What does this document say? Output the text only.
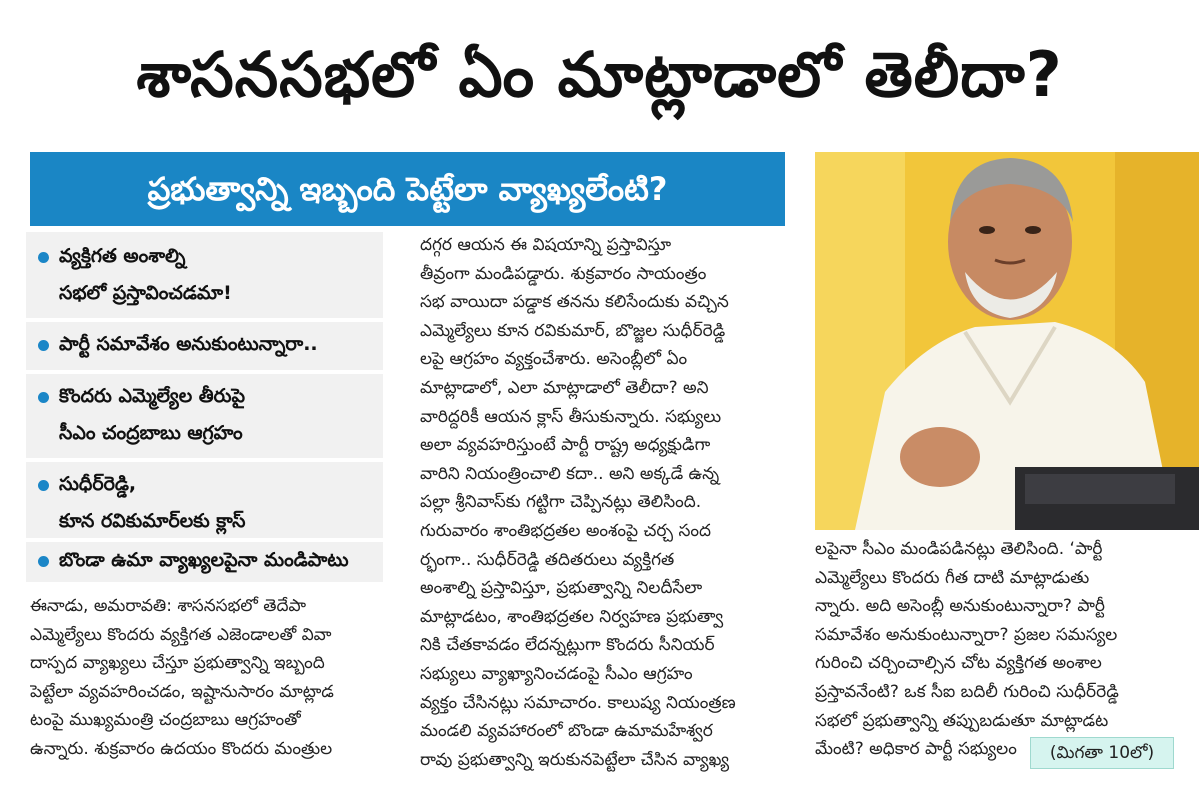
శాసనసభలో ఏం మాట్లాడాలో తెలీదా?
ప్రభుత్వాన్ని ఇబ్బంది పెట్టేలా వ్యాఖ్యలేంటి?
వ్యక్తిగత అంశాల్ని
సభలో ప్రస్తావించడమా!
పార్టీ సమావేశం అనుకుంటున్నారా..
కొందరు ఎమ్మెల్యేల తీరుపై
సీఎం చంద్రబాబు ఆగ్రహం
సుధీర్‌రెడ్డి,
కూన రవికుమార్‌లకు క్లాస్
బొండా ఉమా వ్యాఖ్యలపైనా మండిపాటు
ఈనాడు, అమరావతి: శాసనసభలో తెదేపా
ఎమ్మెల్యేలు కొందరు వ్యక్తిగత ఎజెండాలతో వివా
దాస్పద వ్యాఖ్యలు చేస్తూ ప్రభుత్వాన్ని ఇబ్బంది
పెట్టేలా వ్యవహరించడం, ఇష్టానుసారం మాట్లాడ
టంపై ముఖ్యమంత్రి చంద్రబాబు ఆగ్రహంతో
ఉన్నారు. శుక్రవారం ఉదయం కొందరు మంత్రుల
దగ్గర ఆయన ఈ విషయాన్ని ప్రస్తావిస్తూ
తీవ్రంగా మండిపడ్డారు. శుక్రవారం సాయంత్రం
సభ వాయిదా పడ్డాక తనను కలిసేందుకు వచ్చిన
ఎమ్మెల్యేలు కూన రవికుమార్, బొజ్జల సుధీర్‌రెడ్డి
లపై ఆగ్రహం వ్యక్తంచేశారు. అసెంబ్లీలో ఏం
మాట్లాడాలో, ఎలా మాట్లాడాలో తెలీదా? అని
వారిద్దరికీ ఆయన క్లాస్ తీసుకున్నారు. సభ్యులు
అలా వ్యవహరిస్తుంటే పార్టీ రాష్ట్ర అధ్యక్షుడిగా
వారిని నియంత్రించాలి కదా.. అని అక్కడే ఉన్న
పల్లా శ్రీనివాస్‌కు గట్టిగా చెప్పినట్లు తెలిసింది.
గురువారం శాంతిభద్రతల అంశంపై చర్చ సంద
ర్భంగా.. సుధీర్‌రెడ్డి తదితరులు వ్యక్తిగత
అంశాల్ని ప్రస్తావిస్తూ, ప్రభుత్వాన్ని నిలదీసేలా
మాట్లాడటం, శాంతిభద్రతల నిర్వహణ ప్రభుత్వా
నికి చేతకావడం లేదన్నట్లుగా కొందరు సీనియర్
సభ్యులు వ్యాఖ్యానించడంపై సీఎం ఆగ్రహం
వ్యక్తం చేసినట్లు సమాచారం. కాలుష్య నియంత్రణ
మండలి వ్యవహారంలో బొండా ఉమామహేశ్వర
రావు ప్రభుత్వాన్ని ఇరుకునపెట్టేలా చేసిన వ్యాఖ్య
లపైనా సీఎం మండిపడినట్లు తెలిసింది. ‘పార్టీ
ఎమ్మెల్యేలు కొందరు గీత దాటి మాట్లాడుతు
న్నారు. అది అసెంబ్లీ అనుకుంటున్నారా? పార్టీ
సమావేశం అనుకుంటున్నారా? ప్రజల సమస్యల
గురించి చర్చించాల్సిన చోట వ్యక్తిగత అంశాల
ప్రస్తావనేంటి? ఒక సీఐ బదిలీ గురించి సుధీర్‌రెడ్డి
సభలో ప్రభుత్వాన్ని తప్పుబడుతూ మాట్లాడట
మేంటి? అధికార పార్టీ సభ్యులం	(మిగతా 10లో)
